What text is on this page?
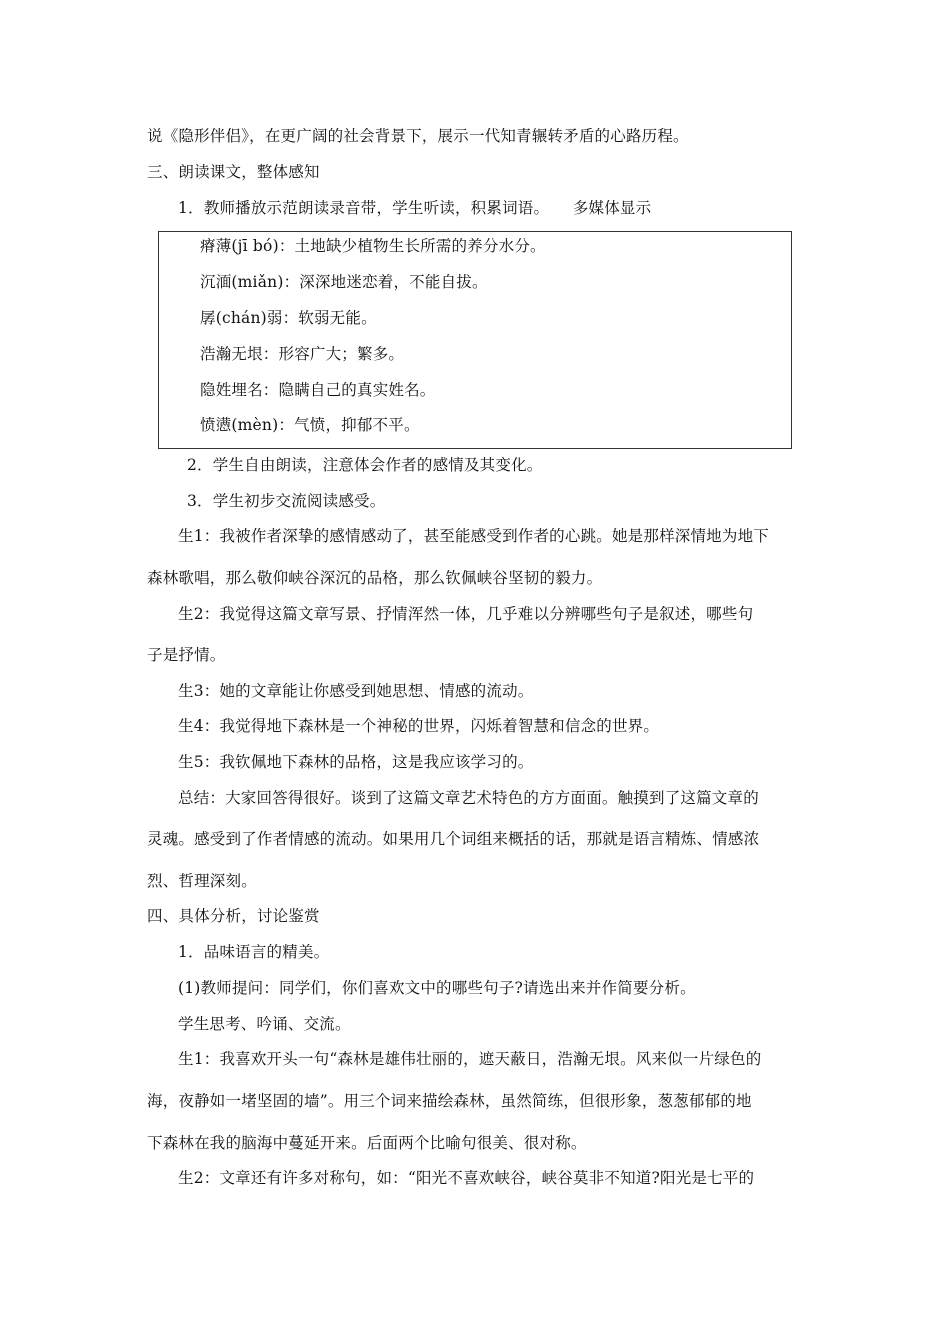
说《隐形伴侣》，在更广阔的社会背景下，展示一代知青辗转矛盾的心路历程。
三、朗读课文，整体感知
1．教师播放示范朗读录音带，学生听读，积累词语。　　多媒体显示
瘠薄(jī bó)：土地缺少植物生长所需的养分水分。
沉湎(miǎn)：深深地迷恋着，不能自拔。
孱(chán)弱：软弱无能。
浩瀚无垠：形容广大；繁多。
隐姓埋名：隐瞒自己的真实姓名。
愤懑(mèn)：气愤，抑郁不平。
2．学生自由朗读，注意体会作者的感情及其变化。
3．学生初步交流阅读感受。
生1：我被作者深挚的感情感动了，甚至能感受到作者的心跳。她是那样深情地为地下
森林歌唱，那么敬仰峡谷深沉的品格，那么钦佩峡谷坚韧的毅力。
生2：我觉得这篇文章写景、抒情浑然一体，几乎难以分辨哪些句子是叙述，哪些句
子是抒情。
生3：她的文章能让你感受到她思想、情感的流动。
生4：我觉得地下森林是一个神秘的世界，闪烁着智慧和信念的世界。
生5：我钦佩地下森林的品格，这是我应该学习的。
总结：大家回答得很好。谈到了这篇文章艺术特色的方方面面。触摸到了这篇文章的
灵魂。感受到了作者情感的流动。如果用几个词组来概括的话，那就是语言精炼、情感浓
烈、哲理深刻。
四、具体分析，讨论鉴赏
1．品味语言的精美。
(1)教师提问：同学们，你们喜欢文中的哪些句子?请选出来并作简要分析。
学生思考、吟诵、交流。
生1：我喜欢开头一句“森林是雄伟壮丽的，遮天蔽日，浩瀚无垠。风来似一片绿色的
海，夜静如一堵坚固的墙”。用三个词来描绘森林，虽然简练，但很形象，葱葱郁郁的地
下森林在我的脑海中蔓延开来。后面两个比喻句很美、很对称。
生2：文章还有许多对称句，如：“阳光不喜欢峡谷，峡谷莫非不知道?阳光是七平的
